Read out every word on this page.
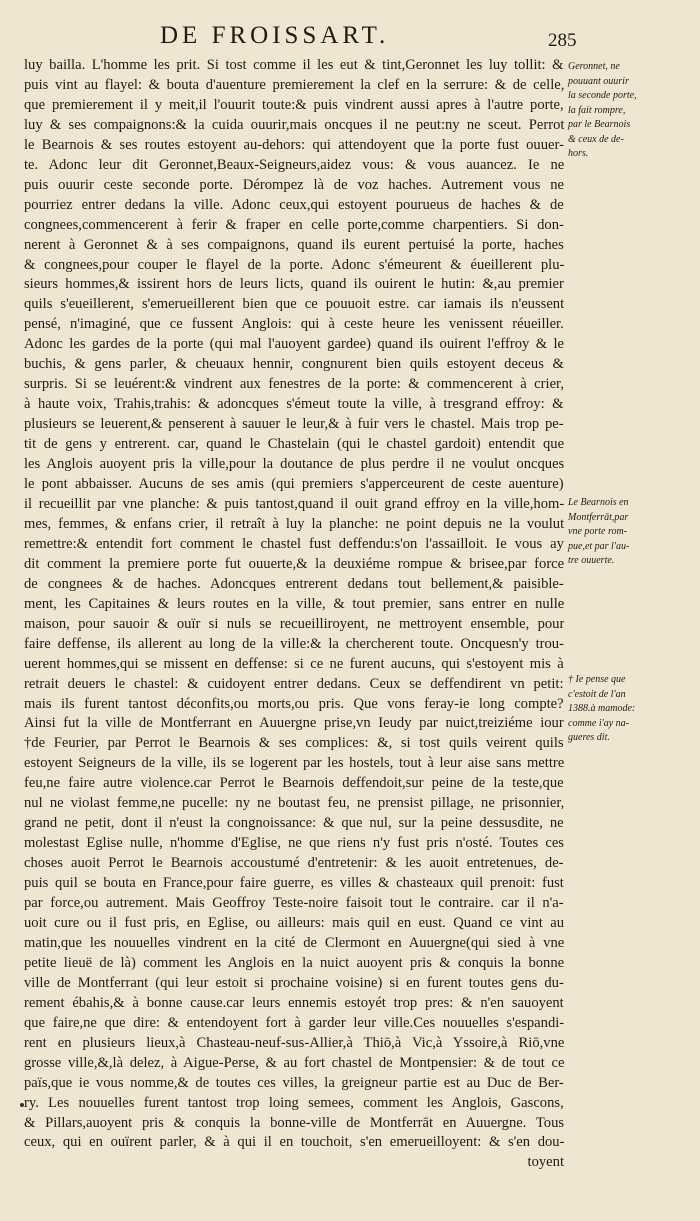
DE FROISSART.	285
luy bailla. L'homme les prit. Si tost comme il les eut & tint,Geronnet les luy tollit: &
puis vint au flayel: & bouta d'auenture premierement la clef en la serrure: & de celle,
que premierement il y meit,il l'ouurit toute:& puis vindrent aussi apres à l'autre porte,
luy & ses compaignons:& la cuida ouurir,mais oncques il ne peut:ny ne sceut. Perrot
le Bearnois & ses routes estoyent au-dehors: qui attendoyent que la porte fust ouuer-
te. Adonc leur dit Geronnet,Beaux-Seigneurs,aidez vous: & vous auancez. Ie ne
puis ouurir ceste seconde porte. Dérompez là de voz haches. Autrement vous ne
pourriez entrer dedans la ville. Adonc ceux,qui estoyent pourueus de haches & de
congnees,commencerent à ferir & fraper en celle porte,comme charpentiers. Si don-
nerent à Geronnet & à ses compaignons, quand ils eurent pertuisé la porte, haches
& congnees,pour couper le flayel de la porte. Adonc s'émeurent & éueillerent plu-
sieurs hommes,& issirent hors de leurs licts, quand ils ouirent le hutin: &,au premier
quils s'eueillerent, s'emerueillerent bien que ce pouuoit estre. car iamais ils n'eussent
pensé, n'imaginé, que ce fussent Anglois: qui à ceste heure les venissent réueiller.
Adonc les gardes de la porte (qui mal l'auoyent gardee) quand ils ouirent l'effroy & le
buchis, & gens parler, & cheuaux hennir, congnurent bien quils estoyent deceus &
surpris. Si se leuérent:& vindrent aux fenestres de la porte: & commencerent à crier,
à haute voix, Trahis,trahis: & adoncques s'émeut toute la ville, à tresgrand effroy: &
plusieurs se leuerent,& penserent à sauuer le leur,& à fuir vers le chastel. Mais trop pe-
tit de gens y entrerent. car, quand le Chastelain (qui le chastel gardoit) entendit que
les Anglois auoyent pris la ville,pour la doutance de plus perdre il ne voulut oncques
le pont abbaisser. Aucuns de ses amis (qui premiers s'apperceurent de ceste auenture)
il recueillit par vne planche: & puis tantost,quand il ouit grand effroy en la ville,hom-
mes, femmes, & enfans crier, il retraît à luy la planche: ne point depuis ne la voulut
remettre:& entendit fort comment le chastel fust deffendu:s'on l'assailloit. Ie vous ay
dit comment la premiere porte fut ouuerte,& la deuxiéme rompue & brisee,par force
de congnees & de haches. Adoncques entrerent dedans tout bellement,& paisible-
ment, les Capitaines & leurs routes en la ville, & tout premier, sans entrer en nulle
maison, pour sauoir & ouïr si nuls se recueilliroyent, ne mettroyent ensemble, pour
faire deffense, ils allerent au long de la ville:& la chercherent toute. Oncquesn'y trou-
uerent hommes,qui se missent en deffense: si ce ne furent aucuns, qui s'estoyent mis à
retrait deuers le chastel: & cuidoyent entrer dedans. Ceux se deffendirent vn petit:
mais ils furent tantost déconfits,ou morts,ou pris. Que vons feray-ie long compte?
Ainsi fut la ville de Montferrant en Auuergne prise,vn Ieudy par nuict,treiziéme iour
†de Feurier, par Perrot le Bearnois & ses complices: &, si tost quils veirent quils
estoyent Seigneurs de la ville, ils se logerent par les hostels, tout à leur aise sans mettre
feu,ne faire autre violence.car Perrot le Bearnois deffendoit,sur peine de la teste,que
nul ne violast femme,ne pucelle: ny ne boutast feu, ne prensist pillage, ne prisonnier,
grand ne petit, dont il n'eust la congnoissance: & que nul, sur la peine dessusdite, ne
molestast Eglise nulle, n'homme d'Eglise, ne que riens n'y fust pris n'osté. Toutes ces
choses auoit Perrot le Bearnois accoustumé d'entretenir: & les auoit entretenues, de-
puis quil se bouta en France,pour faire guerre, es villes & chasteaux quil prenoit: fust
par force,ou autrement. Mais Geoffroy Teste-noire faisoit tout le contraire. car il n'a-
uoit cure ou il fust pris, en Eglise, ou ailleurs: mais quil en eust. Quand ce vint au
matin,que les nouuelles vindrent en la cité de Clermont en Auuergne(qui sied à vne
petite lieuë de là) comment les Anglois en la nuict auoyent pris & conquis la bonne
ville de Montferrant (qui leur estoit si prochaine voisine) si en furent toutes gens du-
rement ébahis,& à bonne cause.car leurs ennemis estoyét trop pres: & n'en sauoyent
que faire,ne que dire: & entendoyent fort à garder leur ville.Ces nouuelles s'espandi-
rent en plusieurs lieux,à Chasteau-neuf-sus-Allier,à Thiō,à Vic,à Yssoire,à Riō,vne
grosse ville,&,là delez, à Aigue-Perse, & au fort chastel de Montpensier: & de tout ce
païs,que ie vous nomme,& de toutes ces villes, la greigneur partie est au Duc de Ber-
ry. Les nouuelles furent tantost trop loing semees, comment les Anglois, Gascons,
& Pillars,auoyent pris & conquis la bonne-ville de Montferrāt en Auuergne. Tous
ceux, qui en ouïrent parler, & à qui il en touchoit, s'en emerueilloyent: & s'en dou-
toyent
Geronnet, ne
pouuant ouurir
la seconde porte,
la fait rompre,
par le Bearnois
& ceux de de-
hors.
Le Bearnois en
Montferrāt,par
vne porte rom-
pue,et par l'au-
tre ouuerte.
† Ie pense que
c'estoit de l'an
1388.à mamode:
comme i'ay na-
gueres dit.
